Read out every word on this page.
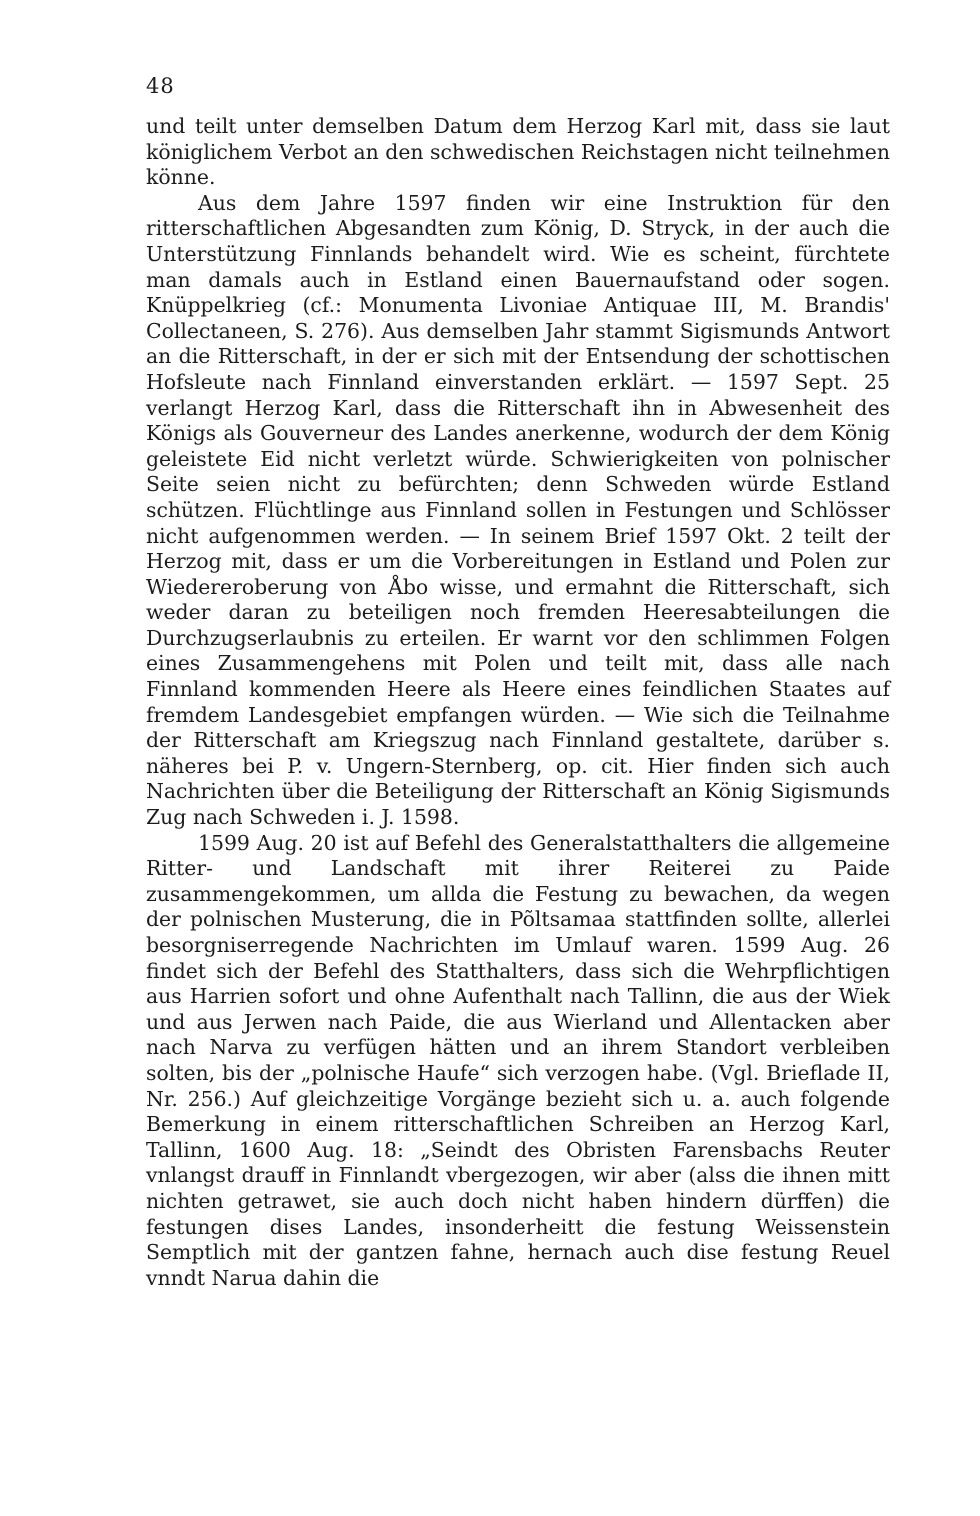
48

und teilt unter demselben Datum dem Herzog Karl mit, dass sie laut königlichem Verbot an den schwedischen Reichstagen nicht teilnehmen könne.

Aus dem Jahre 1597 finden wir eine Instruktion für den ritterschaftlichen Abgesandten zum König, D. Stryck, in der auch die Unterstützung Finnlands behandelt wird. Wie es scheint, fürchtete man damals auch in Estland einen Bauernaufstand oder sogen. Knüppelkrieg (cf.: Monumenta Livoniae Antiquae III, M. Brandis' Collectaneen, S. 276). Aus demselben Jahr stammt Sigismunds Antwort an die Ritterschaft, in der er sich mit der Entsendung der schottischen Hofsleute nach Finnland einverstanden erklärt. — 1597 Sept. 25 verlangt Herzog Karl, dass die Ritterschaft ihn in Abwesenheit des Königs als Gouverneur des Landes anerkenne, wodurch der dem König geleistete Eid nicht verletzt würde. Schwierigkeiten von polnischer Seite seien nicht zu befürchten; denn Schweden würde Estland schützen. Flüchtlinge aus Finnland sollen in Festungen und Schlösser nicht aufgenommen werden. — In seinem Brief 1597 Okt. 2 teilt der Herzog mit, dass er um die Vorbereitungen in Estland und Polen zur Wiedereroberung von Åbo wisse, und ermahnt die Ritterschaft, sich weder daran zu beteiligen noch fremden Heeresabteilungen die Durchzugserlaubnis zu erteilen. Er warnt vor den schlimmen Folgen eines Zusammengehens mit Polen und teilt mit, dass alle nach Finnland kommenden Heere als Heere eines feindlichen Staates auf fremdem Landesgebiet empfangen würden. — Wie sich die Teilnahme der Ritterschaft am Kriegszug nach Finnland gestaltete, darüber s. näheres bei P. v. Ungern-Sternberg, op. cit. Hier finden sich auch Nachrichten über die Beteiligung der Ritterschaft an König Sigismunds Zug nach Schweden i. J. 1598.

1599 Aug. 20 ist auf Befehl des Generalstatthalters die allgemeine Ritter- und Landschaft mit ihrer Reiterei zu Paide zusammengekommen, um allda die Festung zu bewachen, da wegen der polnischen Musterung, die in Põltsamaa stattfinden sollte, allerlei besorgniserregende Nachrichten im Umlauf waren. 1599 Aug. 26 findet sich der Befehl des Statthalters, dass sich die Wehrpflichtigen aus Harrien sofort und ohne Aufenthalt nach Tallinn, die aus der Wiek und aus Jerwen nach Paide, die aus Wierland und Allentacken aber nach Narva zu verfügen hätten und an ihrem Standort verbleiben solten, bis der „polnische Haufe“ sich verzogen habe. (Vgl. Brieflade II, Nr. 256.) Auf gleichzeitige Vorgänge bezieht sich u. a. auch folgende Bemerkung in einem ritterschaftlichen Schreiben an Herzog Karl, Tallinn, 1600 Aug. 18: „Seindt des Obristen Farensbachs Reuter vnlangst drauff in Finnlandt vbergezogen, wir aber (alss die ihnen mitt nichten getrawet, sie auch doch nicht haben hindern dürffen) die festungen dises Landes, insonderheitt die festung Weissenstein Semptlich mit der gantzen fahne, hernach auch dise festung Reuel vnndt Narua dahin die
